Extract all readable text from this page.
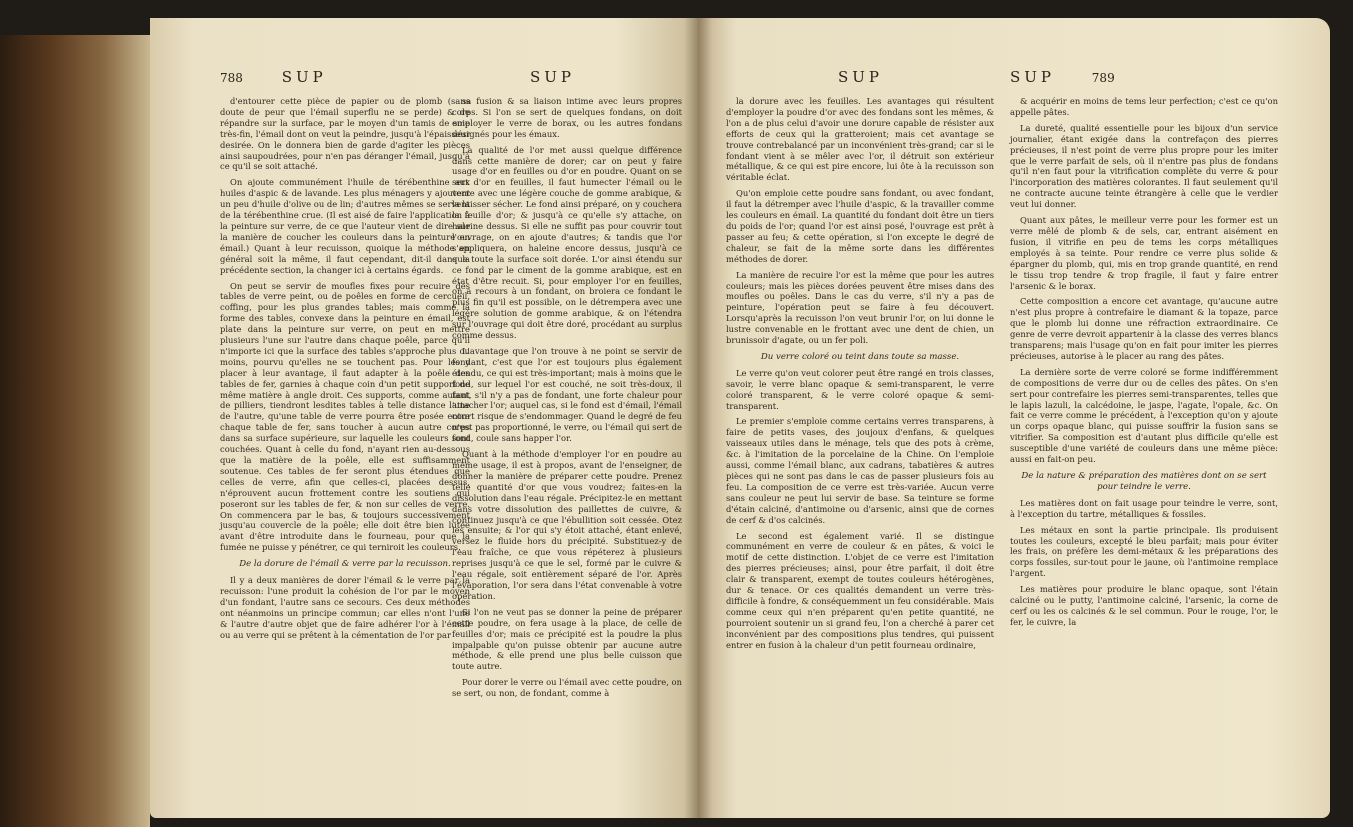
788	SUP	SUP

d'entourer cette pièce de papier ou de plomb (sans doute de peur que l'émail superflu ne se perde) & de répandre sur la surface, par le moyen d'un tamis de soie très-fin, l'émail dont on veut la peindre, jusqu'à l'épaisseur desirée. On le donnera bien de garde d'agiter les pièces ainsi saupoudrées, pour n'en pas déranger l'émail, jusqu'à ce qu'il se soit attaché.

On ajoute communément l'huile de térébenthine aux huiles d'aspic & de lavande. Les plus ménagers y ajoutent un peu d'huile d'olive ou de lin; d'autres mêmes se servent de la térébenthine crue. (Il est aisé de faire l'application à la peinture sur verre, de ce que l'auteur vient de dire sur la manière de coucher les couleurs dans la peinture en émail.) Quant à leur recuisson, quoique la méthode en général soit la même, il faut cependant, dit-il dans la précédente section, la changer ici à certains égards.

On peut se servir de moufles fixes pour recuire des tables de verre peint, ou de poêles en forme de cercueil, coffing, pour les plus grandes tables; mais comme la forme des tables, convexe dans la peinture en émail, est plate dans la peinture sur verre, on peut en mettre plusieurs l'une sur l'autre dans chaque poêle, parce qu'il n'importe ici que la surface des tables s'approche plus ou moins, pourvu qu'elles ne se touchent pas. Pour les y placer à leur avantage, il faut adapter à la poêle des tables de fer, garnies à chaque coin d'un petit support de même matière à angle droit. Ces supports, comme autant de pilliers, tiendront lesdites tables à telle distance l'une de l'autre, qu'une table de verre pourra être posée entre chaque table de fer, sans toucher à aucun autre corps dans sa surface supérieure, sur laquelle les couleurs sont couchées. Quant à celle du fond, n'ayant rien au-dessous que la matière de la poêle, elle est suffisamment soutenue. Ces tables de fer seront plus étendues que celles de verre, afin que celles-ci, placées dessus, n'éprouvent aucun frottement contre les soutiens qui poseront sur les tables de fer, & non sur celles de verre. On commencera par le bas, & toujours successivement jusqu'au couvercle de la poêle; elle doit être bien lutée avant d'être introduite dans le fourneau, pour que la fumée ne puisse y pénétrer, ce qui terniroit les couleurs.

De la dorure de l'émail & verre par la recuisson.

Il y a deux manières de dorer l'émail & le verre par la recuisson: l'une produit la cohésion de l'or par le moyen d'un fondant, l'autre sans ce secours. Ces deux méthodes ont néanmoins un principe commun; car elles n'ont l'une & l'autre d'autre objet que de faire adhérer l'or à l'émail ou au verre qui se prêtent à la cémentation de l'or par

sa fusion & sa liaison intime avec leurs propres corps. Si l'on se sert de quelques fondans, on doit employer le verre de borax, ou les autres fondans désignés pour les émaux.

La qualité de l'or met aussi quelque différence dans cette manière de dorer; car on peut y faire usage d'or en feuilles ou d'or en poudre. Quant on se sert d'or en feuilles, il faut humecter l'émail ou le verre avec une légère couche de gomme arabique, & la laisser sécher. Le fond ainsi préparé, on y couchera la feuille d'or; & jusqu'à ce qu'elle s'y attache, on haleine dessus. Si elle ne suffit pas pour couvrir tout l'ouvrage, on en ajoute d'autres; & tandis que l'or s'appliquera, on haleine encore dessus, jusqu'à ce que toute la surface soit dorée. L'or ainsi étendu sur ce fond par le ciment de la gomme arabique, est en état d'être recuit. Si, pour employer l'or en feuilles, on a recours à un fondant, on broiera ce fondant le plus fin qu'il est possible, on le détrempera avec une légère solution de gomme arabique, & on l'étendra sur l'ouvrage qui doit être doré, procédant au surplus comme dessus.

L'avantage que l'on trouve à ne point se servir de fondant, c'est que l'or est toujours plus également étendu, ce qui est très-important; mais à moins que le fond, sur lequel l'or est couché, ne soit très-doux, il faut, s'il n'y a pas de fondant, une forte chaleur pour attacher l'or; auquel cas, si le fond est d'émail, l'émail court risque de s'endommager. Quand le degré de feu n'est pas proportionné, le verre, ou l'émail qui sert de fond, coule sans happer l'or.

Quant à la méthode d'employer l'or en poudre au même usage, il est à propos, avant de l'enseigner, de donner la manière de préparer cette poudre. Prenez telle quantité d'or que vous voudrez; faites-en la dissolution dans l'eau régale. Précipitez-le en mettant dans votre dissolution des paillettes de cuivre, & continuez jusqu'à ce que l'ébullition soit cessée. Otez les ensuite; & l'or qui s'y étoit attaché, étant enlevé, versez le fluide hors du précipité. Substituez-y de l'eau fraîche, ce que vous répéterez à plusieurs reprises jusqu'à ce que le sel, formé par le cuivre & l'eau régale, soit entièrement séparé de l'or. Après l'évaporation, l'or sera dans l'état convenable à votre opération.

Si l'on ne veut pas se donner la peine de préparer cette poudre, on fera usage à la place, de celle de feuilles d'or; mais ce précipité est la poudre la plus impalpable qu'on puisse obtenir par aucune autre méthode, & elle prend une plus belle cuisson que toute autre.

Pour dorer le verre ou l'émail avec cette poudre, on se sert, ou non, de fondant, comme à

SUP	SUP	789

la dorure avec les feuilles. Les avantages qui résultent d'employer la poudre d'or avec des fondans sont les mêmes, & l'on a de plus celui d'avoir une dorure capable de résister aux efforts de ceux qui la gratteroient; mais cet avantage se trouve contrebalancé par un inconvénient très-grand; car si le fondant vient à se mêler avec l'or, il détruit son extérieur métallique, & ce qui est pire encore, lui ôte à la recuisson son véritable éclat.

Qu'on emploie cette poudre sans fondant, ou avec fondant, il faut la détremper avec l'huile d'aspic, & la travailler comme les couleurs en émail. La quantité du fondant doit être un tiers du poids de l'or; quand l'or est ainsi posé, l'ouvrage est prêt à passer au feu; & cette opération, si l'on excepte le degré de chaleur, se fait de la même sorte dans les différentes méthodes de dorer.

La manière de recuire l'or est la même que pour les autres couleurs; mais les pièces dorées peuvent être mises dans des moufles ou poêles. Dans le cas du verre, s'il n'y a pas de peinture, l'opération peut se faire à feu découvert. Lorsqu'après la recuisson l'on veut brunir l'or, on lui donne le lustre convenable en le frottant avec une dent de chien, un brunissoir d'agate, ou un fer poli.

Du verre coloré ou teint dans toute sa masse.

Le verre qu'on veut colorer peut être rangé en trois classes, savoir, le verre blanc opaque & semi-transparent, le verre coloré transparent, & le verre coloré opaque & semi-transparent.

Le premier s'emploie comme certains verres transparens, à faire de petits vases, des joujoux d'enfans, & quelques vaisseaux utiles dans le ménage, tels que des pots à crème, &c. à l'imitation de la porcelaine de la Chine. On l'emploie aussi, comme l'émail blanc, aux cadrans, tabatières & autres pièces qui ne sont pas dans le cas de passer plusieurs fois au feu. La composition de ce verre est très-variée. Aucun verre sans couleur ne peut lui servir de base. Sa teinture se forme d'étain calciné, d'antimoine ou d'arsenic, ainsi que de cornes de cerf & d'os calcinés.

Le second est également varié. Il se distingue communément en verre de couleur & en pâtes, & voici le motif de cette distinction. L'objet de ce verre est l'imitation des pierres précieuses; ainsi, pour être parfait, il doit être clair & transparent, exempt de toutes couleurs hétérogènes, dur & tenace. Or ces qualités demandent un verre très-difficile à fondre, & conséquemment un feu considérable. Mais comme ceux qui n'en préparent qu'en petite quantité, ne pourroient soutenir un si grand feu, l'on a cherché à parer cet inconvénient par des compositions plus tendres, qui puissent entrer en fusion à la chaleur d'un petit fourneau ordinaire,

& acquérir en moins de tems leur perfection; c'est ce qu'on appelle pâtes.

La dureté, qualité essentielle pour les bijoux d'un service journalier, étant exigée dans la contrefaçon des pierres précieuses, il n'est point de verre plus propre pour les imiter que le verre parfait de sels, où il n'entre pas plus de fondans qu'il n'en faut pour la vitrification complète du verre & pour l'incorporation des matières colorantes. Il faut seulement qu'il ne contracte aucune teinte étrangère à celle que le verdier veut lui donner.

Quant aux pâtes, le meilleur verre pour les former est un verre mêlé de plomb & de sels, car, entrant aisément en fusion, il vitrifie en peu de tems les corps métalliques employés à sa teinte. Pour rendre ce verre plus solide & épargner du plomb, qui, mis en trop grande quantité, en rend le tissu trop tendre & trop fragile, il faut y faire entrer l'arsenic & le borax.

Cette composition a encore cet avantage, qu'aucune autre n'est plus propre à contrefaire le diamant & la topaze, parce que le plomb lui donne une réfraction extraordinaire. Ce genre de verre devroit appartenir à la classe des verres blancs transparens; mais l'usage qu'on en fait pour imiter les pierres précieuses, autorise à le placer au rang des pâtes.

La dernière sorte de verre coloré se forme indifféremment de compositions de verre dur ou de celles des pâtes. On s'en sert pour contrefaire les pierres semi-transparentes, telles que le lapis lazuli, la calcédoine, le jaspe, l'agate, l'opale, &c. On fait ce verre comme le précédent, à l'exception qu'on y ajoute un corps opaque blanc, qui puisse souffrir la fusion sans se vitrifier. Sa composition est d'autant plus difficile qu'elle est susceptible d'une variété de couleurs dans une même pièce: aussi en fait-on peu.

De la nature & préparation des matières dont on se sert pour teindre le verre.

Les matières dont on fait usage pour teindre le verre, sont, à l'exception du tartre, métalliques & fossiles.

Les métaux en sont la partie principale. Ils produisent toutes les couleurs, excepté le bleu parfait; mais pour éviter les frais, on préfère les demi-métaux & les préparations des corps fossiles, sur-tout pour le jaune, où l'antimoine remplace l'argent.

Les matières pour produire le blanc opaque, sont l'étain calciné ou le putty, l'antimoine calciné, l'arsenic, la corne de cerf ou les os calcinés & le sel commun. Pour le rouge, l'or, le fer, le cuivre, la
